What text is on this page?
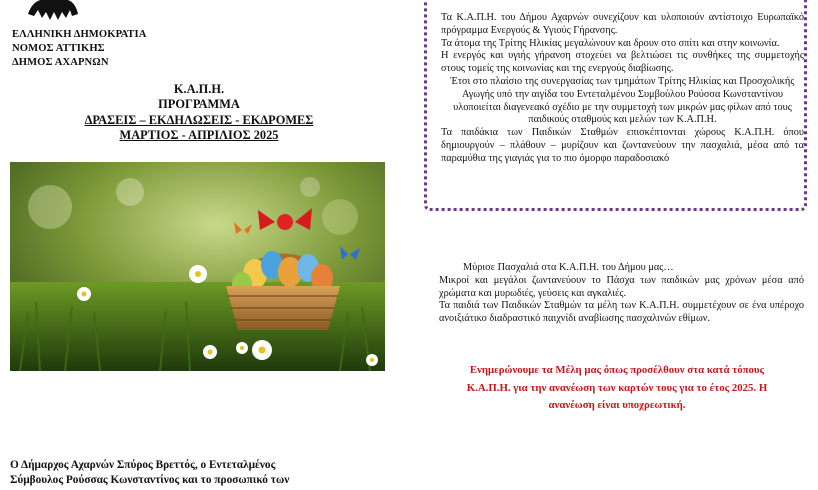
ΕΛΛΗΝΙΚΗ ΔΗΜΟΚΡΑΤΙΑ
ΝΟΜΟΣ ΑΤΤΙΚΗΣ
ΔΗΜΟΣ ΑΧΑΡΝΩΝ
Κ.Α.Π.Η.
ΠΡΟΓΡΑΜΜΑ
ΔΡΑΣΕΙΣ – ΕΚΔΗΛΩΣΕΙΣ - ΕΚΔΡΟΜΕΣ
ΜΑΡΤΙΟΣ - ΑΠΡΙΛΙΟΣ 2025
Ο Δήμαρχος Αχαρνών Σπύρος Βρεττός, ο Εντεταλμένος
Σύμβουλος Ρούσσας Κωνσταντίνος και το προσωπικό των

Τα Κ.Α.Π.Η. του Δήμου Αχαρνών συνεχίζουν και υλοποιούν αντίστοιχο Ευρωπαϊκό πρόγραμμα Ενεργούς & Υγιούς Γήρανσης.

Τα άτομα της Τρίτης Ηλικίας μεγαλώνουν και δρουν στο σπίτι και στην κοινωνία.

Η ενεργός και υγιής γήρανση στοχεύει να βελτιώσει τις συνθήκες της συμμετοχής στους τομείς της κοινωνίας και της ενεργούς διαβίωσης.

Έτσι στο πλαίσιο της συνεργασίας των τμημάτων Τρίτης Ηλικίας και Προσχολικής Αγωγής υπό την αιγίδα του Εντεταλμένου Συμβούλου Ρούσσα Κωνσταντίνου υλοποιείται διαγενεακό σχέδιο με την συμμετοχή των μικρών μας φίλων από τους παιδικούς σταθμούς και μελών των Κ.Α.Π.Η.

Τα παιδάκια των Παιδικών Σταθμών επισκέπτονται χώρους Κ.Α.Π.Η. όπου δημιουργούν – πλάθουν – μυρίζουν και ζωντανεύουν την πασχαλιά, μέσα από τα παραμύθια της γιαγιάς για το πιο όμορφο παραδοσιακό

Μύρισε Πασχαλιά στα Κ.Α.Π.Η. του Δήμου μας…

Μικροί και μεγάλοι ζωντανεύουν το Πάσχα των παιδικών μας χρόνων μέσα από χρώματα και μυρωδιές, γεύσεις και αγκαλιές.

Τα παιδιά των Παιδικών Σταθμών τα μέλη των Κ.Α.Π.Η. συμμετέχουν σε ένα υπέροχο ανοιξιάτικο διαδραστικό παιχνίδι αναβίωσης πασχαλινών εθίμων.

Ενημερώνουμε τα Μέλη μας όπως προσέλθουν στα κατά τόπους Κ.Α.Π.Η. για την ανανέωση των καρτών τους για το έτος 2025. Η ανανέωση είναι υποχρεωτική.
